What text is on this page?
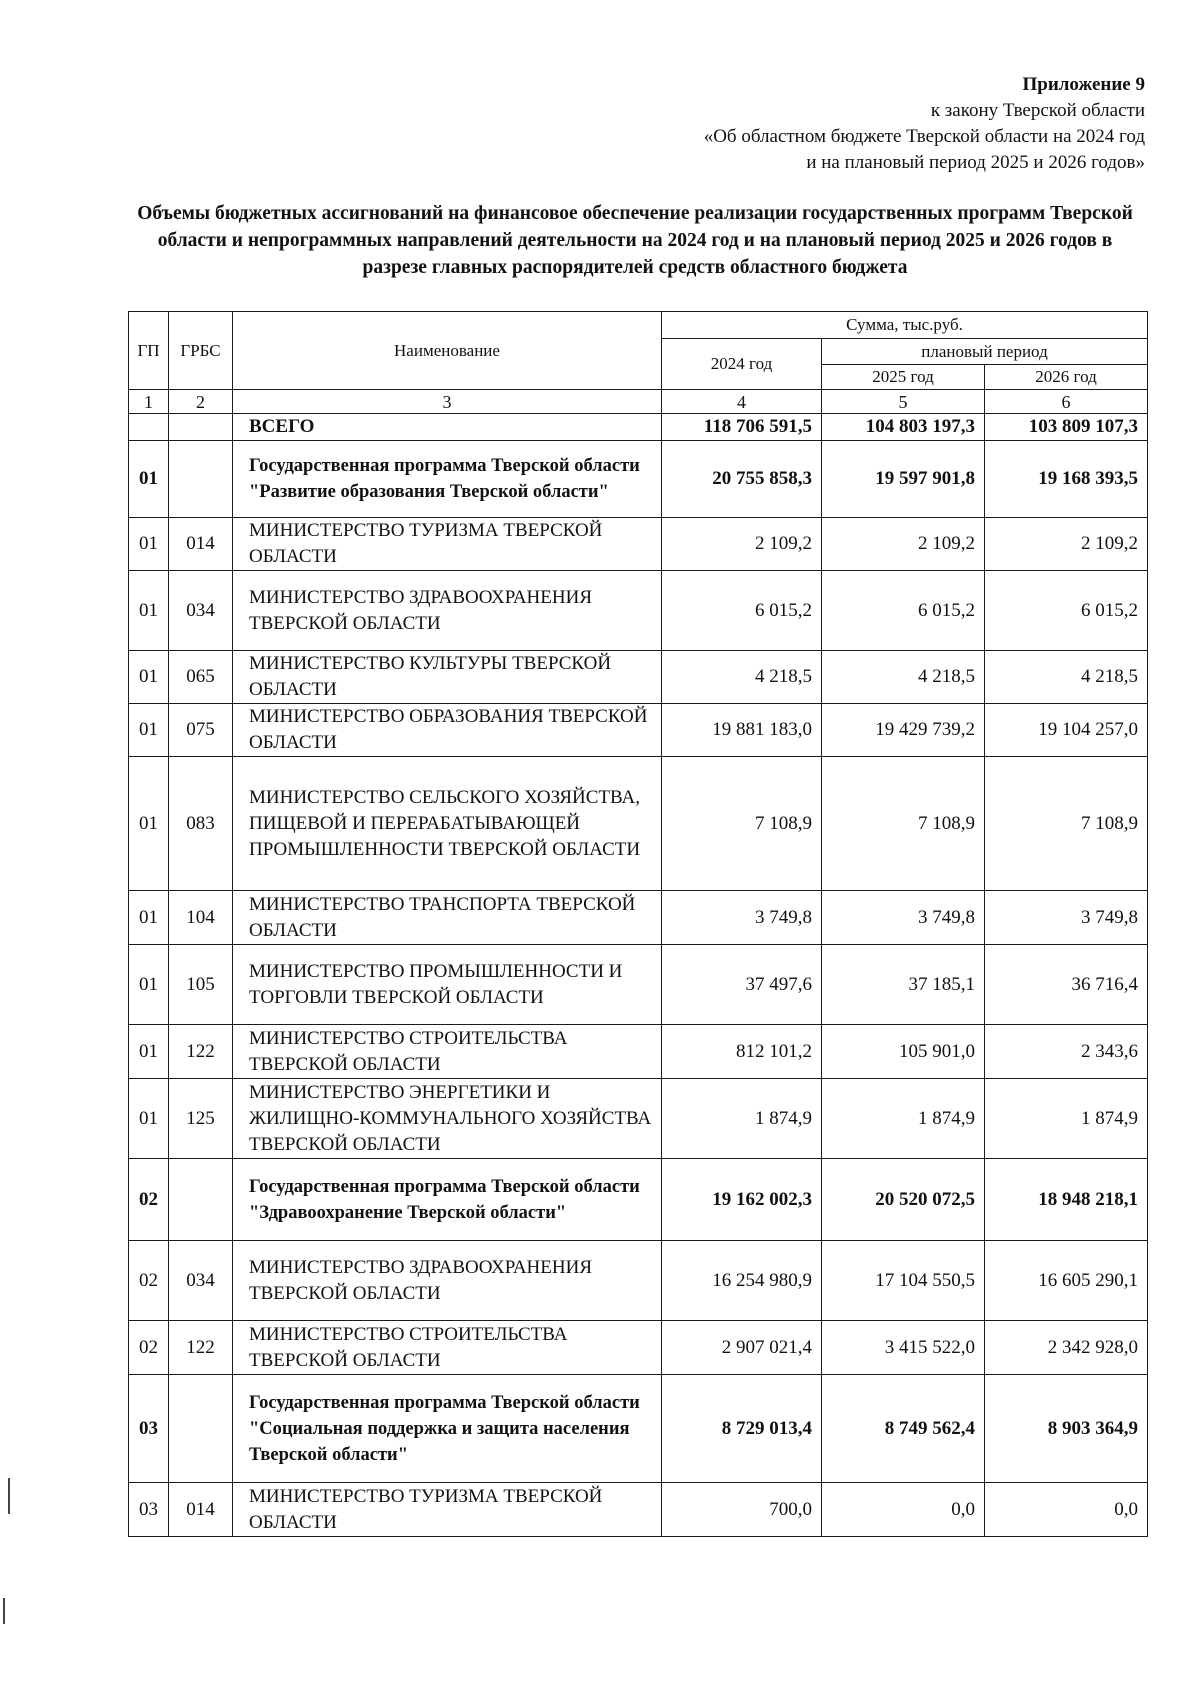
Приложение 9
к закону Тверской области
«Об областном бюджете Тверской области на 2024 год
и на плановый период 2025 и 2026 годов»
Объемы бюджетных ассигнований на финансовое обеспечение реализации государственных программ Тверской области и непрограммных направлений деятельности на 2024 год и на плановый период 2025 и 2026 годов в разрезе главных распорядителей средств областного бюджета
ГП	ГРБС	Наименование	Сумма, тыс.руб.		
			2024 год	плановый период	
				2025 год	2026 год
1	2	3	4	5	6
		ВСЕГО	118 706 591,5	104 803 197,3	103 809 107,3
01		Государственная программа Тверской области "Развитие образования Тверской области"	20 755 858,3	19 597 901,8	19 168 393,5
01	014	МИНИСТЕРСТВО ТУРИЗМА ТВЕРСКОЙ ОБЛАСТИ	2 109,2	2 109,2	2 109,2
01	034	МИНИСТЕРСТВО ЗДРАВООХРАНЕНИЯ ТВЕРСКОЙ ОБЛАСТИ	6 015,2	6 015,2	6 015,2
01	065	МИНИСТЕРСТВО КУЛЬТУРЫ ТВЕРСКОЙ ОБЛАСТИ	4 218,5	4 218,5	4 218,5
01	075	МИНИСТЕРСТВО ОБРАЗОВАНИЯ ТВЕРСКОЙ ОБЛАСТИ	19 881 183,0	19 429 739,2	19 104 257,0
01	083	МИНИСТЕРСТВО СЕЛЬСКОГО ХОЗЯЙСТВА, ПИЩЕВОЙ И ПЕРЕРАБАТЫВАЮЩЕЙ ПРОМЫШЛЕННОСТИ ТВЕРСКОЙ ОБЛАСТИ	7 108,9	7 108,9	7 108,9
01	104	МИНИСТЕРСТВО ТРАНСПОРТА ТВЕРСКОЙ ОБЛАСТИ	3 749,8	3 749,8	3 749,8
01	105	МИНИСТЕРСТВО ПРОМЫШЛЕННОСТИ И ТОРГОВЛИ ТВЕРСКОЙ ОБЛАСТИ	37 497,6	37 185,1	36 716,4
01	122	МИНИСТЕРСТВО СТРОИТЕЛЬСТВА ТВЕРСКОЙ ОБЛАСТИ	812 101,2	105 901,0	2 343,6
01	125	МИНИСТЕРСТВО ЭНЕРГЕТИКИ И ЖИЛИЩНО-КОММУНАЛЬНОГО ХОЗЯЙСТВА ТВЕРСКОЙ ОБЛАСТИ	1 874,9	1 874,9	1 874,9
02		Государственная программа Тверской области "Здравоохранение Тверской области"	19 162 002,3	20 520 072,5	18 948 218,1
02	034	МИНИСТЕРСТВО ЗДРАВООХРАНЕНИЯ ТВЕРСКОЙ ОБЛАСТИ	16 254 980,9	17 104 550,5	16 605 290,1
02	122	МИНИСТЕРСТВО СТРОИТЕЛЬСТВА ТВЕРСКОЙ ОБЛАСТИ	2 907 021,4	3 415 522,0	2 342 928,0
03		Государственная программа Тверской области "Социальная поддержка и защита населения Тверской области"	8 729 013,4	8 749 562,4	8 903 364,9
03	014	МИНИСТЕРСТВО ТУРИЗМА ТВЕРСКОЙ ОБЛАСТИ	700,0	0,0	0,0
